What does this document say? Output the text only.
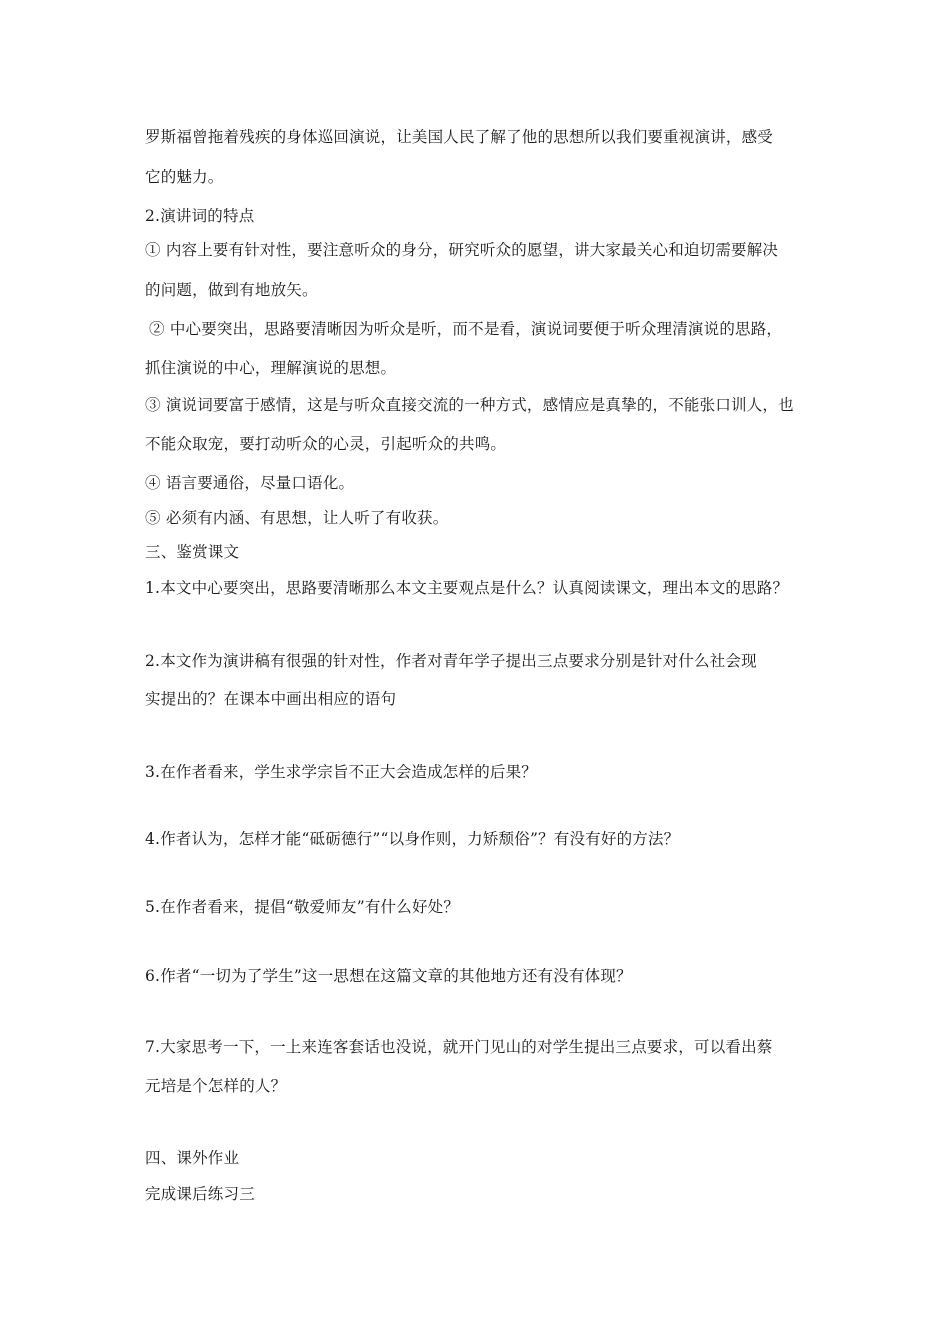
罗斯福曾拖着残疾的身体巡回演说，让美国人民了解了他的思想所以我们要重视演讲，感受
它的魅力。
2.演讲词的特点
① 内容上要有针对性，要注意听众的身分，研究听众的愿望，讲大家最关心和迫切需要解决
的问题，做到有地放矢。
② 中心要突出，思路要清晰因为听众是听，而不是看，演说词要便于听众理清演说的思路，
抓住演说的中心，理解演说的思想。
③ 演说词要富于感情，这是与听众直接交流的一种方式，感情应是真挚的，不能张口训人，也
不能众取宠，要打动听众的心灵，引起听众的共鸣。
④ 语言要通俗，尽量口语化。
⑤ 必须有内涵、有思想，让人听了有收获。
三、鉴赏课文
1.本文中心要突出，思路要清晰那么本文主要观点是什么？认真阅读课文，理出本文的思路？
2.本文作为演讲稿有很强的针对性，作者对青年学子提出三点要求分别是针对什么社会现
实提出的？在课本中画出相应的语句
3.在作者看来，学生求学宗旨不正大会造成怎样的后果？
4.作者认为，怎样才能“砥砺德行”“以身作则，力矫颓俗”？有没有好的方法？
5.在作者看来，提倡“敬爱师友”有什么好处？
6.作者“一切为了学生”这一思想在这篇文章的其他地方还有没有体现？
7.大家思考一下，一上来连客套话也没说，就开门见山的对学生提出三点要求，可以看出蔡
元培是个怎样的人？
四、课外作业
完成课后练习三
